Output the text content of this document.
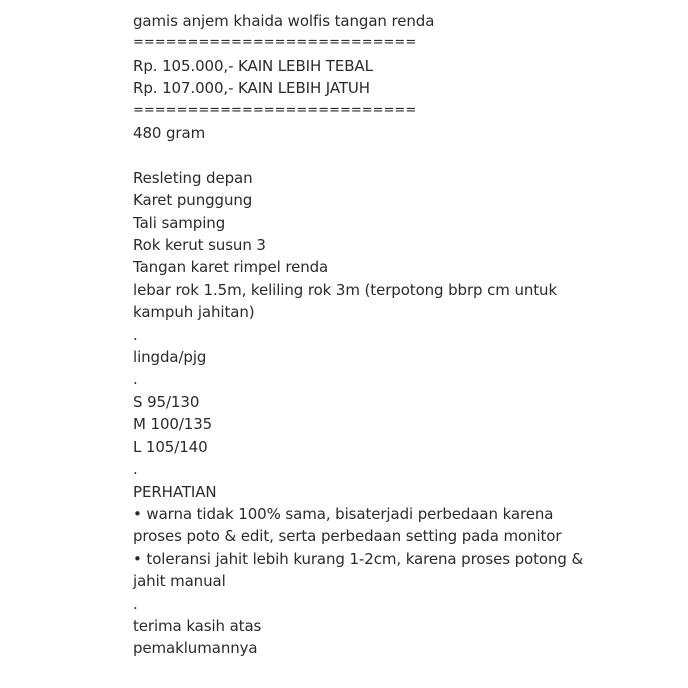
gamis anjem khaida wolfis tangan renda
==========================
Rp. 105.000,- KAIN LEBIH TEBAL
Rp. 107.000,- KAIN LEBIH JATUH
==========================
480 gram
Resleting depan
Karet punggung
Tali samping
Rok kerut susun 3
Tangan karet rimpel renda
lebar rok 1.5m, keliling rok 3m (terpotong bbrp cm untuk
kampuh jahitan)
.
lingda/pjg
.
S 95/130
M 100/135
L 105/140
.
PERHATIAN
• warna tidak 100% sama, bisaterjadi perbedaan karena
proses poto & edit, serta perbedaan setting pada monitor
• toleransi jahit lebih kurang 1-2cm, karena proses potong &
jahit manual
.
terima kasih atas
pemaklumannya
